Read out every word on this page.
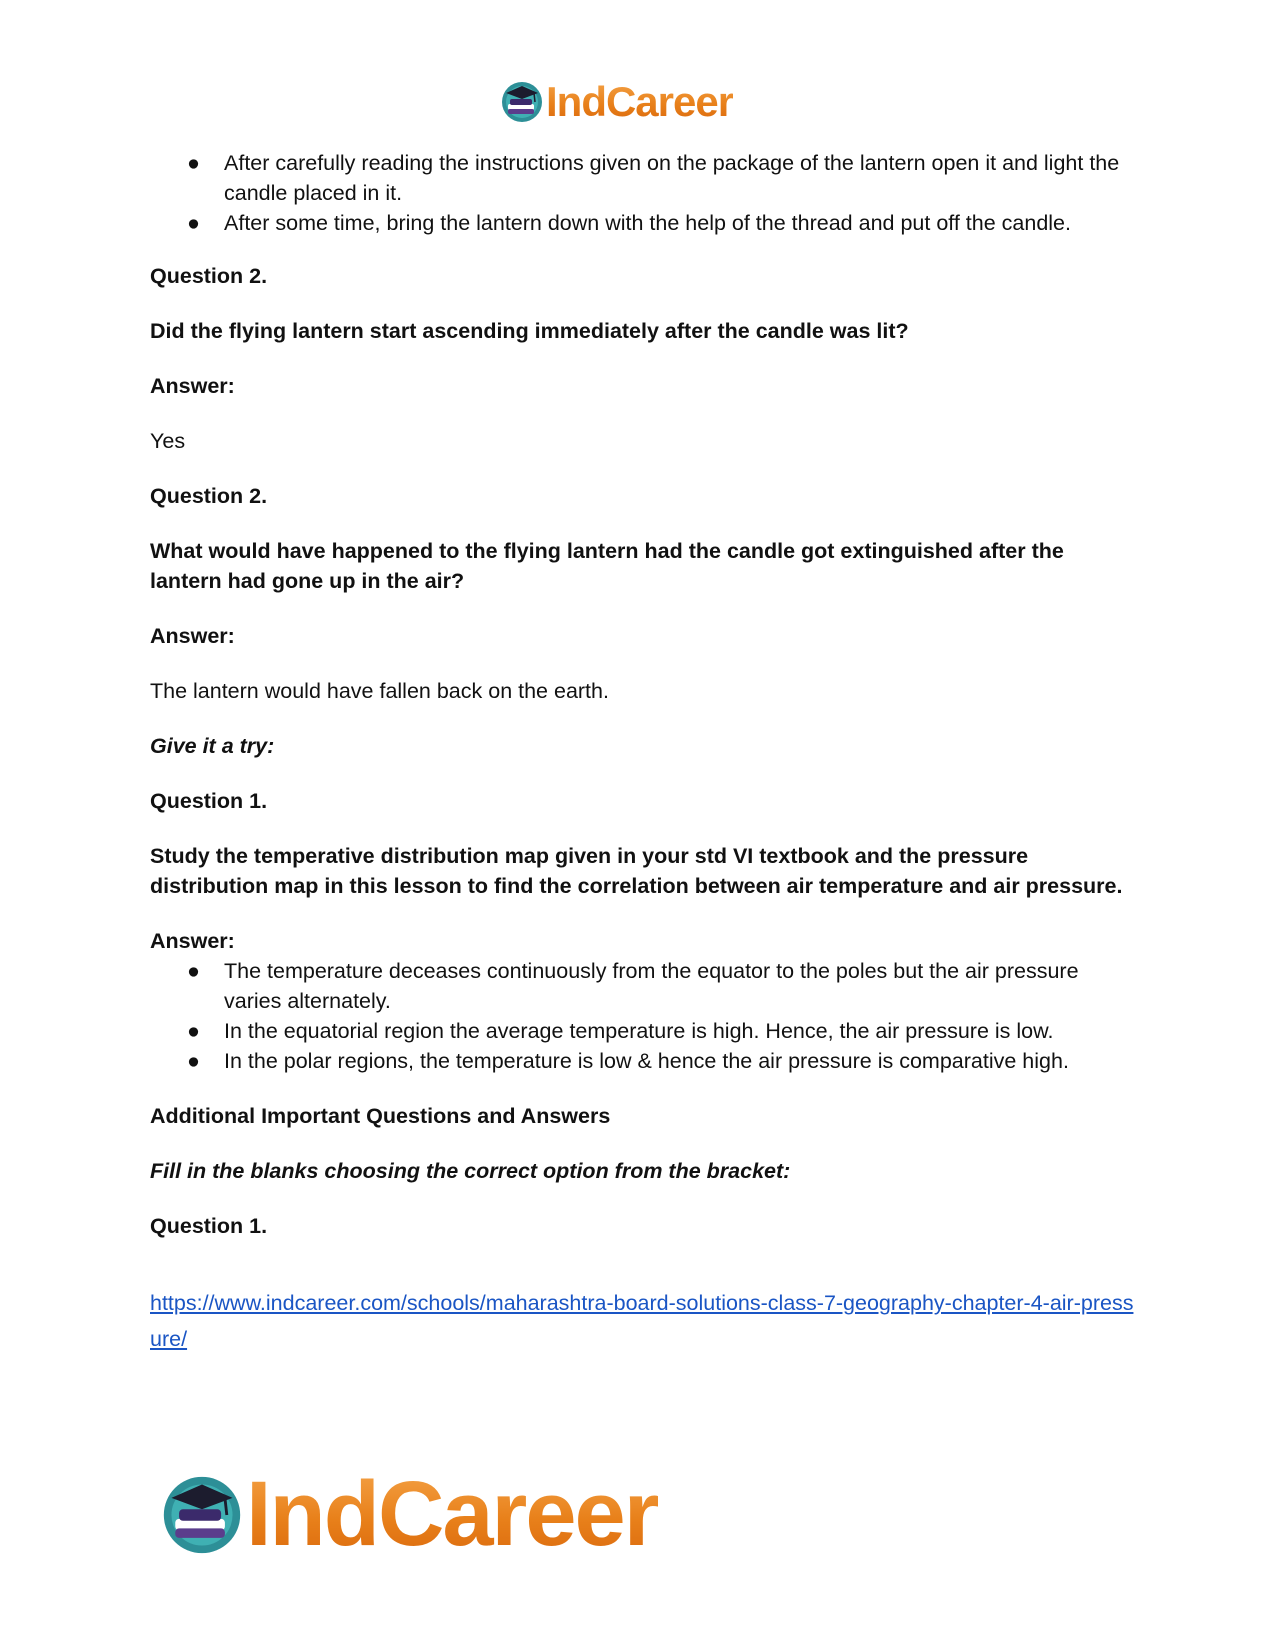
IndCareer
● After carefully reading the instructions given on the package of the lantern open it and light the candle placed in it.
● After some time, bring the lantern down with the help of the thread and put off the candle.

Question 2.

Did the flying lantern start ascending immediately after the candle was lit?

Answer:

Yes

Question 2.

What would have happened to the flying lantern had the candle got extinguished after the lantern had gone up in the air?

Answer:

The lantern would have fallen back on the earth.

Give it a try:

Question 1.

Study the temperative distribution map given in your std VI textbook and the pressure distribution map in this lesson to find the correlation between air temperature and air pressure.

Answer:

● The temperature deceases continuously from the equator to the poles but the air pressure varies alternately.
● In the equatorial region the average temperature is high. Hence, the air pressure is low.
● In the polar regions, the temperature is low & hence the air pressure is comparative high.

Additional Important Questions and Answers

Fill in the blanks choosing the correct option from the bracket:

Question 1.

https://www.indcareer.com/schools/maharashtra-board-solutions-class-7-geography-chapter-4-air-pressure/

IndCareer
